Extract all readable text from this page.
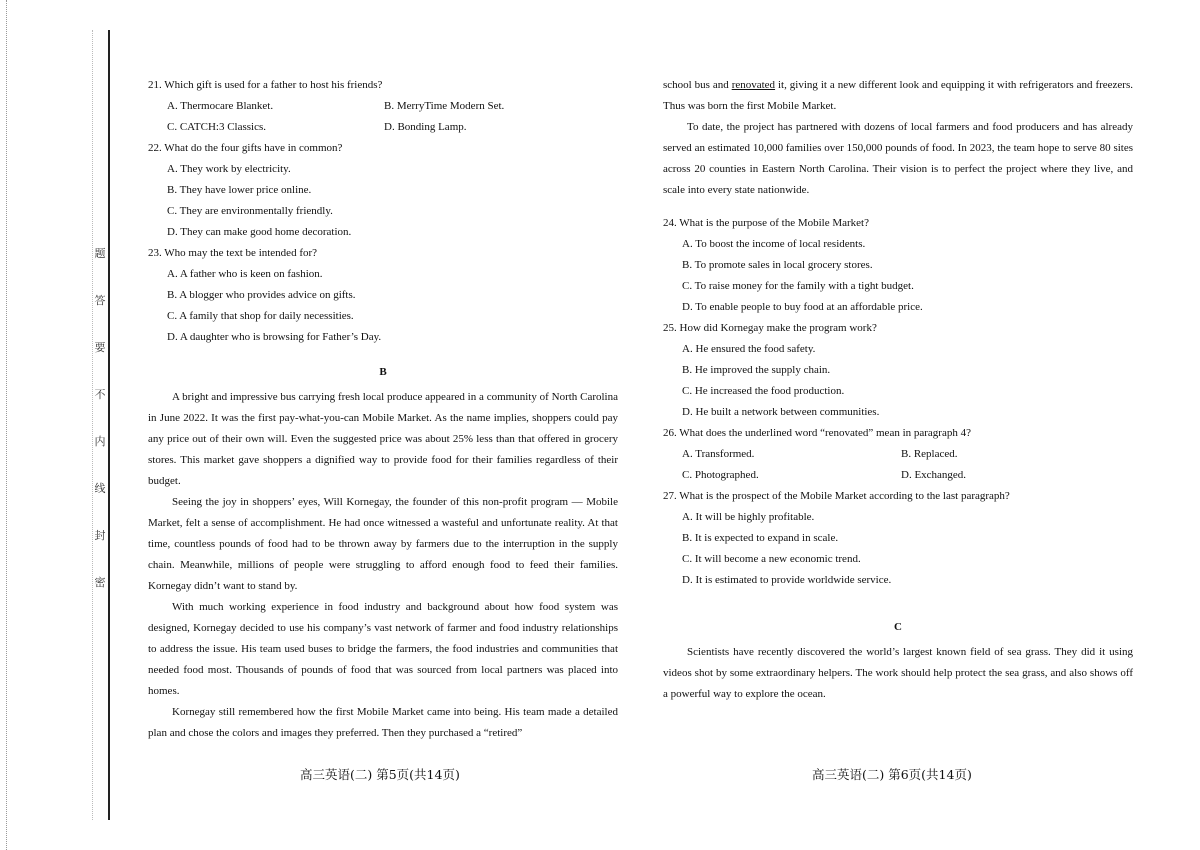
题
答
要
不
内
线
封
密

21. Which gift is used for a father to host his friends?

A. Thermocare Blanket.	B. MerryTime Modern Set.
C. CATCH:3 Classics.	D. Bonding Lamp.

22. What do the four gifts have in common?

A. They work by electricity.

B. They have lower price online.

C. They are environmentally friendly.

D. They can make good home decoration.

23. Who may the text be intended for?

A. A father who is keen on fashion.

B. A blogger who provides advice on gifts.

C. A family that shop for daily necessities.

D. A daughter who is browsing for Father’s Day.

B

A bright and impressive bus carrying fresh local produce appeared in a community of North Carolina in June 2022. It was the first pay-what-you-can Mobile Market. As the name implies, shoppers could pay any price out of their own will. Even the suggested price was about 25% less than that offered in grocery stores. This market gave shoppers a dignified way to provide food for their families regardless of their budget.

Seeing the joy in shoppers’ eyes, Will Kornegay, the founder of this non-profit program — Mobile Market, felt a sense of accomplishment. He had once witnessed a wasteful and unfortunate reality. At that time, countless pounds of food had to be thrown away by farmers due to the interruption in the supply chain. Meanwhile, millions of people were struggling to afford enough food to feed their families. Kornegay didn’t want to stand by.

With much working experience in food industry and background about how food system was designed, Kornegay decided to use his company’s vast network of farmer and food industry relationships to address the issue. His team used buses to bridge the farmers, the food industries and communities that needed food most. Thousands of pounds of food that was sourced from local partners was placed into homes.

Kornegay still remembered how the first Mobile Market came into being. His team made a detailed plan and chose the colors and images they preferred. Then they purchased a “retired”

高三英语(二) 第5页(共14页)

school bus and renovated it, giving it a new different look and equipping it with refrigerators and freezers. Thus was born the first Mobile Market.

To date, the project has partnered with dozens of local farmers and food producers and has already served an estimated 10,000 families over 150,000 pounds of food. In 2023, the team hope to serve 80 sites across 20 counties in Eastern North Carolina. Their vision is to perfect the project where they live, and scale into every state nationwide.

24. What is the purpose of the Mobile Market?

A. To boost the income of local residents.

B. To promote sales in local grocery stores.

C. To raise money for the family with a tight budget.

D. To enable people to buy food at an affordable price.

25. How did Kornegay make the program work?

A. He ensured the food safety.

B. He improved the supply chain.

C. He increased the food production.

D. He built a network between communities.

26. What does the underlined word “renovated” mean in paragraph 4?

A. Transformed.	B. Replaced.
C. Photographed.	D. Exchanged.

27. What is the prospect of the Mobile Market according to the last paragraph?

A. It will be highly profitable.

B. It is expected to expand in scale.

C. It will become a new economic trend.

D. It is estimated to provide worldwide service.

C

Scientists have recently discovered the world’s largest known field of sea grass. They did it using videos shot by some extraordinary helpers. The work should help protect the sea grass, and also shows off a powerful way to explore the ocean.

高三英语(二) 第6页(共14页)
